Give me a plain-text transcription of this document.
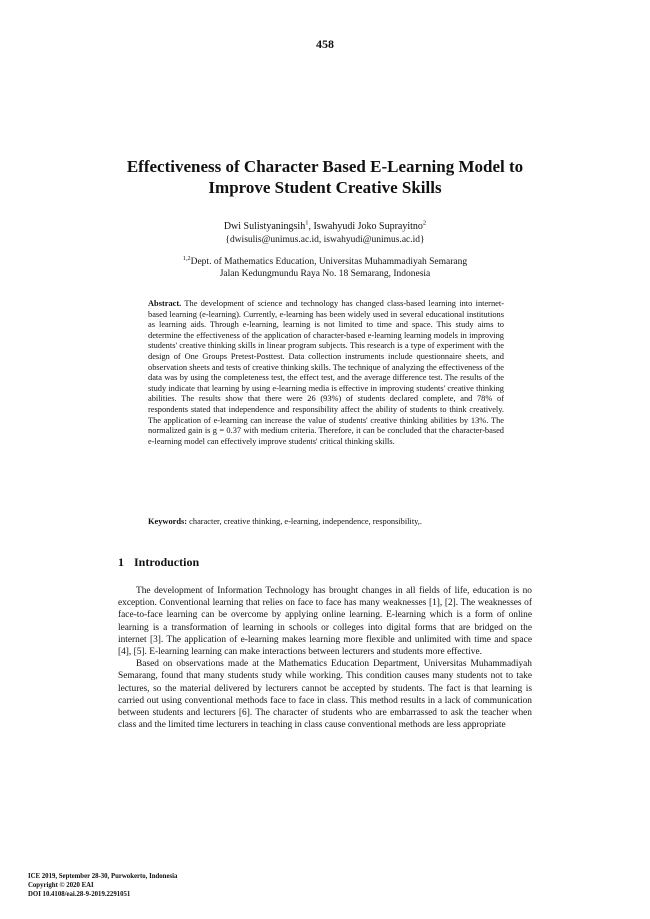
458
Effectiveness of Character Based E-Learning Model to
Improve Student Creative Skills
Dwi Sulistyaningsih$^1$, Iswahyudi Joko Suprayitno$^2$
{dwisulis@unimus.ac.id, iswahyudi@unimus.ac.id}
$^{1,2}$Dept. of Mathematics Education, Universitas Muhammadiyah Semarang
Jalan Kedungmundu Raya No. 18 Semarang, Indonesia

Abstract. The development of science and technology has changed class-based learning into internet-based learning (e-learning). Currently, e-learning has been widely used in several educational institutions as learning aids. Through e-learning, learning is not limited to time and space. This study aims to determine the effectiveness of the application of character-based e-learning learning models in improving students' creative thinking skills in linear program subjects. This research is a type of experiment with the design of One Groups Pretest-Posttest. Data collection instruments include questionnaire sheets, and observation sheets and tests of creative thinking skills. The technique of analyzing the effectiveness of the data was by using the completeness test, the effect test, and the average difference test. The results of the study indicate that learning by using e-learning media is effective in improving students' creative thinking abilities. The results show that there were 26 (93%) of students declared complete, and 78% of respondents stated that independence and responsibility affect the ability of students to think creatively. The application of e-learning can increase the value of students' creative thinking abilities by 13%. The normalized gain is g = 0.37 with medium criteria. Therefore, it can be concluded that the character-based e-learning model can effectively improve students' critical thinking skills.

Keywords: character, creative thinking, e-learning, independence, responsibility,.

1 Introduction

The development of Information Technology has brought changes in all fields of life, education is no exception. Conventional learning that relies on face to face has many weaknesses [1], [2]. The weaknesses of face-to-face learning can be overcome by applying online learning. E-learning which is a form of online learning is a transformation of learning in schools or colleges into digital forms that are bridged on the internet [3]. The application of e-learning makes learning more flexible and unlimited with time and space [4], [5]. E-learning learning can make interactions between lecturers and students more effective.

Based on observations made at the Mathematics Education Department, Universitas Muhammadiyah Semarang, found that many students study while working. This condition causes many students not to take lectures, so the material delivered by lecturers cannot be accepted by students. The fact is that learning is carried out using conventional methods face to face in class. This method results in a lack of communication between students and lecturers [6]. The character of students who are embarrassed to ask the teacher when class and the limited time lecturers in teaching in class cause conventional methods are less appropriate

ICE 2019, September 28-30, Purwokerto, Indonesia
Copyright © 2020 EAI
DOI 10.4108/eai.28-9-2019.2291051
